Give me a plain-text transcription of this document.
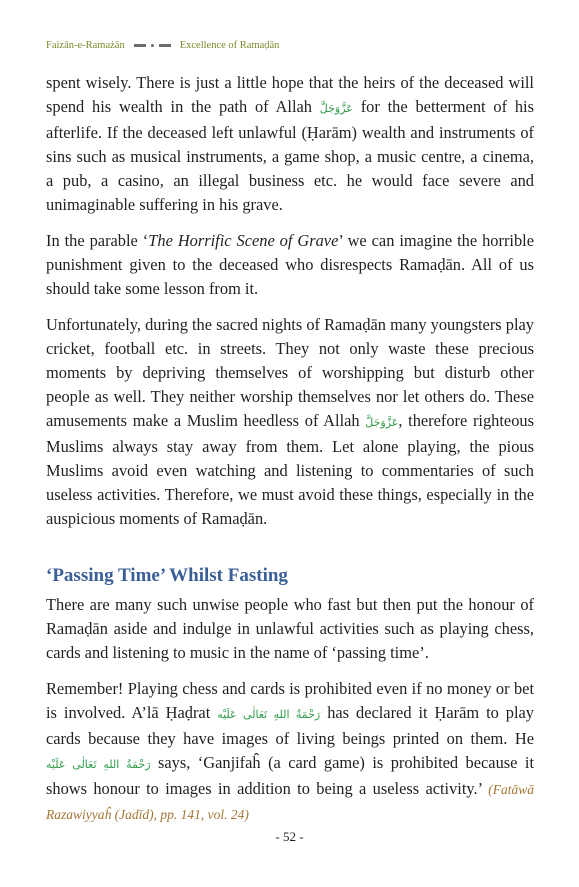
Faizān-e-Ramażān	Excellence of Ramaḍān

spent wisely. There is just a little hope that the heirs of the deceased will spend his wealth in the path of Allah عَزَّوَجَلَّ for the betterment of his afterlife. If the deceased left unlawful (Ḥarām) wealth and instruments of sins such as musical instruments, a game shop, a music centre, a cinema, a pub, a casino, an illegal business etc. he would face severe and unimaginable suffering in his grave.

In the parable ‘The Horrific Scene of Grave’ we can imagine the horrible punishment given to the deceased who disrespects Ramaḍān. All of us should take some lesson from it.

Unfortunately, during the sacred nights of Ramaḍān many youngsters play cricket, football etc. in streets. They not only waste these precious moments by depriving themselves of worshipping but disturb other people as well. They neither worship themselves nor let others do. These amusements make a Muslim heedless of Allah عَزَّوَجَلَّ, therefore righteous Muslims always stay away from them. Let alone playing, the pious Muslims avoid even watching and listening to commentaries of such useless activities. Therefore, we must avoid these things, especially in the auspicious moments of Ramaḍān.

‘Passing Time’ Whilst Fasting

There are many such unwise people who fast but then put the honour of Ramaḍān aside and indulge in unlawful activities such as playing chess, cards and listening to music in the name of ‘passing time’.

Remember! Playing chess and cards is prohibited even if no money or bet is involved. A’lā Ḥaḍrat رَحْمَةُ اللهِ تَعَالٰى عَلَيْه has declared it Ḥarām to play cards because they have images of living beings printed on them. He رَحْمَةُ اللهِ تَعَالٰى عَلَيْه says, ‘Ganjifaĥ (a card game) is prohibited because it shows honour to images in addition to being a useless activity.’ (Fatāwā Razawiyyaĥ (Jadīd), pp. 141, vol. 24)

- 52 -
